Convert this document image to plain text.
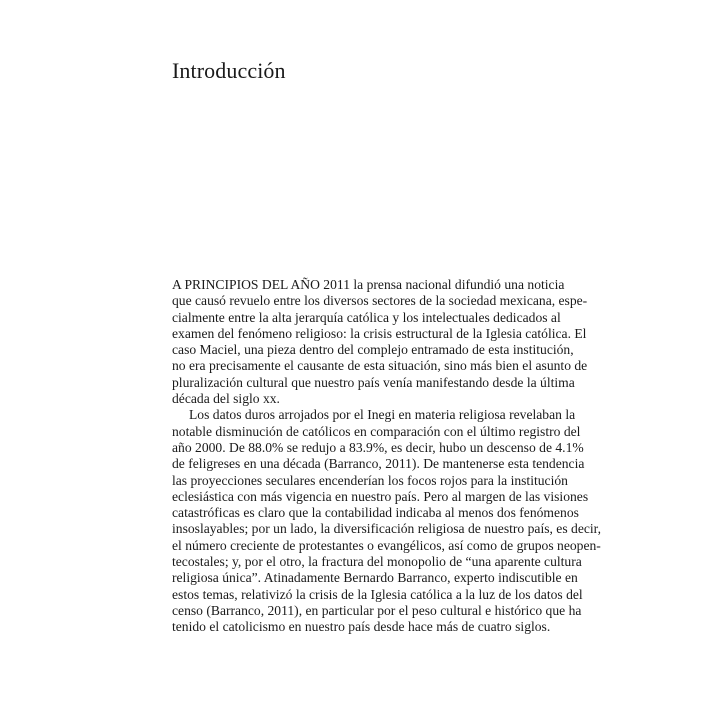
Introducción
A PRINCIPIOS DEL AÑO 2011 la prensa nacional difundió una noticia
que causó revuelo entre los diversos sectores de la sociedad mexicana, espe-
cialmente entre la alta jerarquía católica y los intelectuales dedicados al
examen del fenómeno religioso: la crisis estructural de la Iglesia católica. El
caso Maciel, una pieza dentro del complejo entramado de esta institución,
no era precisamente el causante de esta situación, sino más bien el asunto de
pluralización cultural que nuestro país venía manifestando desde la última
década del siglo xx.
Los datos duros arrojados por el Inegi en materia religiosa revelaban la
notable disminución de católicos en comparación con el último registro del
año 2000. De 88.0% se redujo a 83.9%, es decir, hubo un descenso de 4.1%
de feligreses en una década (Barranco, 2011). De mantenerse esta tendencia
las proyecciones seculares encenderían los focos rojos para la institución
eclesiástica con más vigencia en nuestro país. Pero al margen de las visiones
catastróficas es claro que la contabilidad indicaba al menos dos fenómenos
insoslayables; por un lado, la diversificación religiosa de nuestro país, es decir,
el número creciente de protestantes o evangélicos, así como de grupos neopen-
tecostales; y, por el otro, la fractura del monopolio de “una aparente cultura
religiosa única”. Atinadamente Bernardo Barranco, experto indiscutible en
estos temas, relativizó la crisis de la Iglesia católica a la luz de los datos del
censo (Barranco, 2011), en particular por el peso cultural e histórico que ha
tenido el catolicismo en nuestro país desde hace más de cuatro siglos.
